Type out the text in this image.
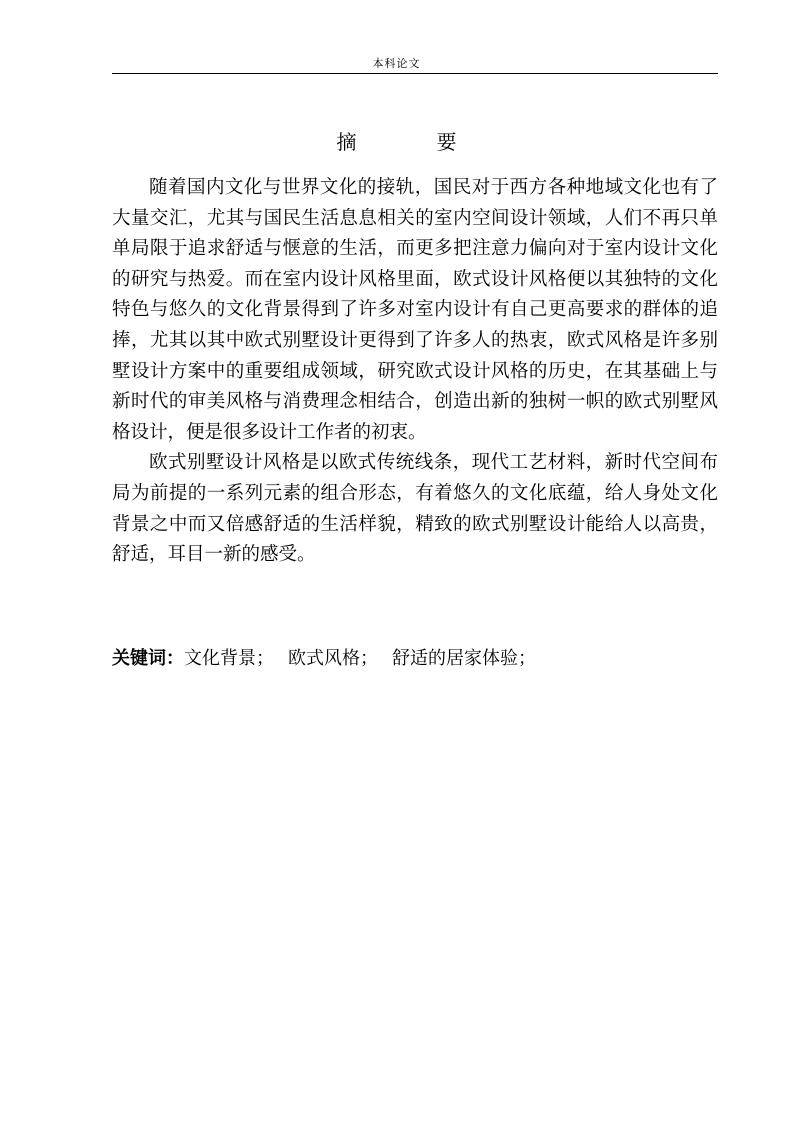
本科论文
摘　要

随着国内文化与世界文化的接轨，国民对于西方各种地域文化也有了大量交汇，尤其与国民生活息息相关的室内空间设计领域，人们不再只单单局限于追求舒适与惬意的生活，而更多把注意力偏向对于室内设计文化的研究与热爱。而在室内设计风格里面，欧式设计风格便以其独特的文化特色与悠久的文化背景得到了许多对室内设计有自己更高要求的群体的追捧，尤其以其中欧式别墅设计更得到了许多人的热衷，欧式风格是许多别墅设计方案中的重要组成领域，研究欧式设计风格的历史，在其基础上与新时代的审美风格与消费理念相结合，创造出新的独树一帜的欧式别墅风格设计，便是很多设计工作者的初衷。

欧式别墅设计风格是以欧式传统线条，现代工艺材料，新时代空间布局为前提的一系列元素的组合形态，有着悠久的文化底蕴，给人身处文化背景之中而又倍感舒适的生活样貌，精致的欧式别墅设计能给人以高贵，舒适，耳目一新的感受。

关键词：文化背景； 欧式风格； 舒适的居家体验；
